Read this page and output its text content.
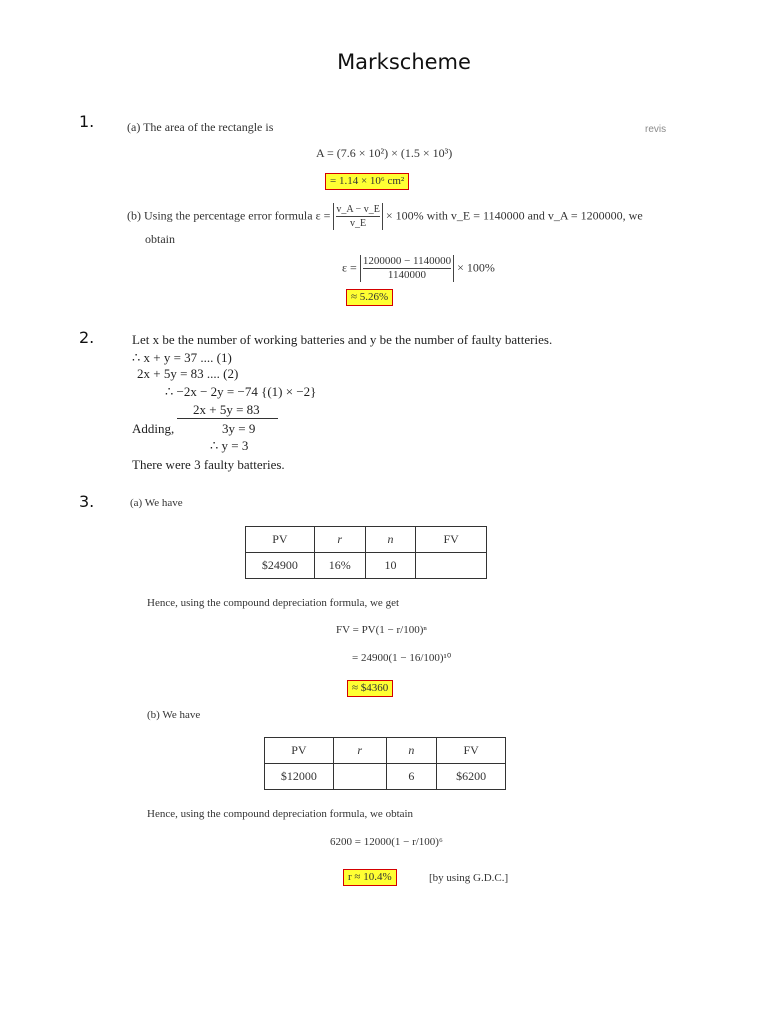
Markscheme
revis
1.	(a) The area of the rectangle is
A = (7.6 × 10²) × (1.5 × 10³)
= 1.14 × 10⁶ cm²
(b) Using the percentage error formula $\varepsilon = \frac{v\_A - v\_E}{v\_E} \times 100\%$ with v_E = 1140000 and v_A = 1200000, we
obtain
$\varepsilon = \frac{1200000 - 1140000}{1140000} \times 100\%$
≈ 5.26%
2.	Let x be the number of working batteries and y be the number of faulty batteries.
∴ x + y = 37 .... (1)
2x + 5y = 83 .... (2)
∴ −2x − 2y = −74 {(1) × −2}
2x + 5y = 83
Adding,	3y = 9
∴ y = 3
There were 3 faulty batteries.
3.	(a) We have
PV	r	n	FV
$24900	16%	10	
Hence, using the compound depreciation formula, we get
FV = PV(1 − r/100)ⁿ
= 24900(1 − 16/100)¹⁰
≈ $4360
(b) We have
PV	r	n	FV
$12000		6	$6200
Hence, using the compound depreciation formula, we obtain
6200 = 12000(1 − r/100)⁶
r ≈ 10.4%	[by using G.D.C.]
